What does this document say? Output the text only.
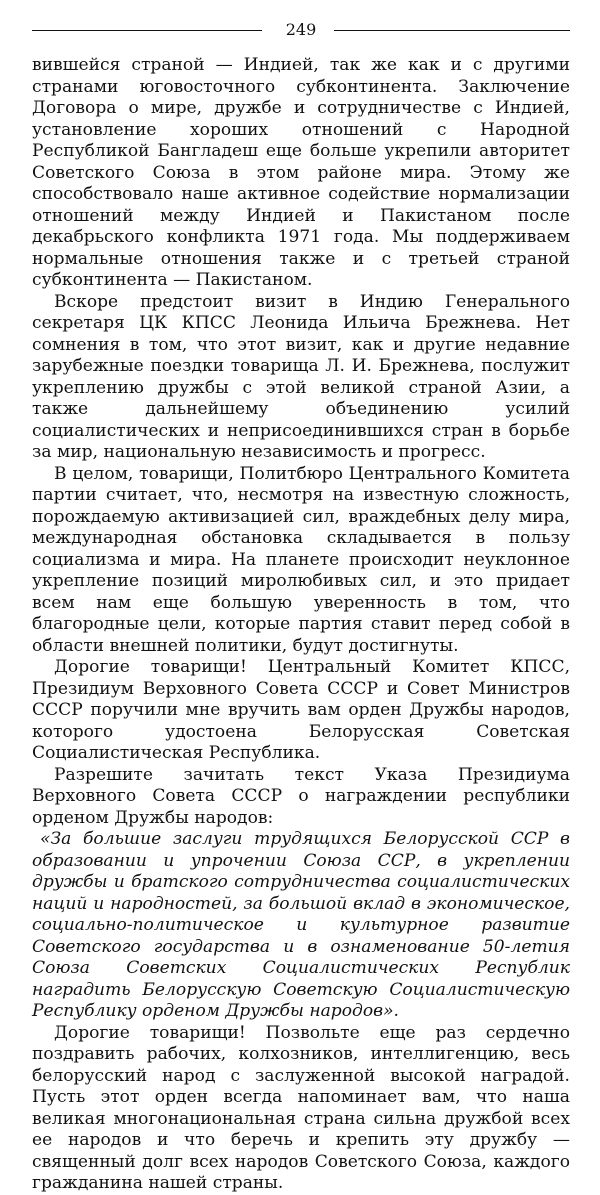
249

вившейся страной — Индией, так же как и с другими странами юговосточного субконтинента. Заключение Договора о мире, дружбе и сотрудничестве с Индией, установление хороших отношений с Народной Республикой Бангладеш еще больше укрепили авторитет Советского Союза в этом районе мира. Этому же способствовало наше активное содействие нормализации отношений между Индией и Пакистаном после декабрьского конфликта 1971 года. Мы поддерживаем нормальные отношения также и с третьей страной субконтинента — Пакистаном.

Вскоре предстоит визит в Индию Генерального секретаря ЦК КПСС Леонида Ильича Брежнева. Нет сомнения в том, что этот визит, как и другие недавние зарубежные поездки товарища Л. И. Брежнева, послужит укреплению дружбы с этой великой страной Азии, а также дальнейшему объединению усилий социалистических и неприсоединившихся стран в борьбе за мир, национальную независимость и прогресс.

В целом, товарищи, Политбюро Центрального Комитета партии считает, что, несмотря на известную сложность, порождаемую активизацией сил, враждебных делу мира, международная обстановка складывается в пользу социализма и мира. На планете происходит неуклонное укрепление позиций миролюбивых сил, и это придает всем нам еще большую уверенность в том, что благородные цели, которые партия ставит перед собой в области внешней политики, будут достигнуты.

Дорогие товарищи! Центральный Комитет КПСС, Президиум Верховного Совета СССР и Совет Министров СССР поручили мне вручить вам орден Дружбы народов, которого удостоена Белорусская Советская Социалистическая Республика.

Разрешите зачитать текст Указа Президиума Верховного Совета СССР о награждении республики орденом Дружбы народов:

«За большие заслуги трудящихся Белорусской ССР в образовании и упрочении Союза ССР, в укреплении дружбы и братского сотрудничества социалистических наций и народностей, за большой вклад в экономическое, социально-политическое и культурное развитие Советского государства и в ознаменование 50-летия Союза Советских Социалистических Республик наградить Белорусскую Советскую Социалистическую Республику орденом Дружбы народов».

Дорогие товарищи! Позвольте еще раз сердечно поздравить рабочих, колхозников, интеллигенцию, весь белорусский народ с заслуженной высокой наградой. Пусть этот орден всегда напоминает вам, что наша великая многонациональная страна сильна дружбой всех ее народов и что беречь и крепить эту дружбу — священный долг всех народов Советского Союза, каждого гражданина нашей страны.
